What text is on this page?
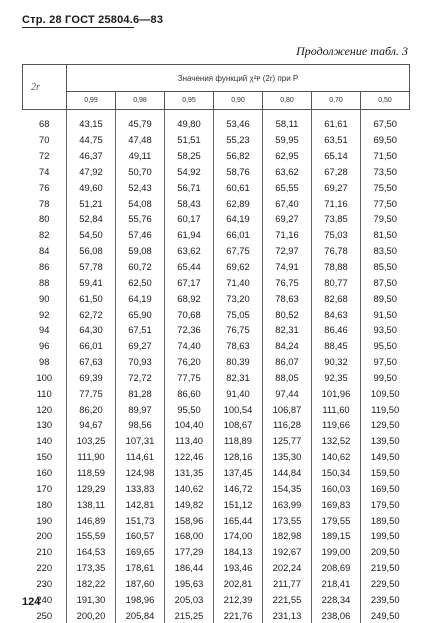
Стр. 28 ГОСТ 25804.6—83
Продолжение табл. 3
2r	Значения функций χ²ᴘ (2r) при P						
	0,99	0,98	0,95	0,90	0,80	0,70	0,50
68	43,15	45,79	49,80	53,46	58,11	61,61	67,50
70	44,75	47,48	51,51	55,23	59,95	63,51	69,50
72	46,37	49,11	58,25	56,82	62,95	65,14	71,50
74	47,92	50,70	54,92	58,76	63,62	67,28	73,50
76	49,60	52,43	56,71	60,61	65,55	69,27	75,50
78	51,21	54,08	58,43	62,89	67,40	71,16	77,50
80	52,84	55,76	60,17	64,19	69,27	73,85	79,50
82	54,50	57,46	61,94	66,01	71,16	75,03	81,50
84	56,08	59,08	63,62	67,75	72,97	76,78	83,50
86	57,78	60,72	65,44	69,62	74,91	78,88	85,50
88	59,41	62,50	67,17	71,40	76,75	80,77	87,50
90	61,50	64,19	68,92	73,20	78,63	82,68	89,50
92	62,72	65,90	70,68	75,05	80,52	84,63	91,50
94	64,30	67,51	72,36	76,75	82,31	86,46	93,50
96	66,01	69,27	74,40	78,63	84,24	88,45	95,50
98	67,63	70,93	76,20	80,39	86,07	90,32	97,50
100	69,39	72,72	77,75	82,31	88,05	92,35	99,50
110	77,75	81,28	86,60	91,40	97,44	101,96	109,50
120	86,20	89,97	95,50	100,54	106,87	111,60	119,50
130	94,67	98,56	104,40	108,67	116,28	119,66	129,50
140	103,25	107,31	113,40	118,89	125,77	132,52	139,50
150	111,90	114,61	122,46	128,16	135,30	140,62	149,50
160	118,59	124,98	131,35	137,45	144,84	150,34	159,50
170	129,29	133,83	140,62	146,72	154,35	160,03	169,50
180	138,11	142,81	149,82	151,12	163,99	169,83	179,50
190	146,89	151,73	158,96	165,44	173,55	179,55	189,50
200	155,59	160,57	168,00	174,00	182,98	189,15	199,50
210	164,53	169,65	177,29	184,13	192,67	199,00	209,50
220	173,35	178,61	186,44	193,46	202,24	208,69	219,50
230	182,22	187,60	195,63	202,81	211,77	218,41	229,50
240	191,30	198,96	205,03	212,39	221,55	228,34	239,50
250	200,20	205,84	215,25	221,76	231,13	238,06	249,50
124
